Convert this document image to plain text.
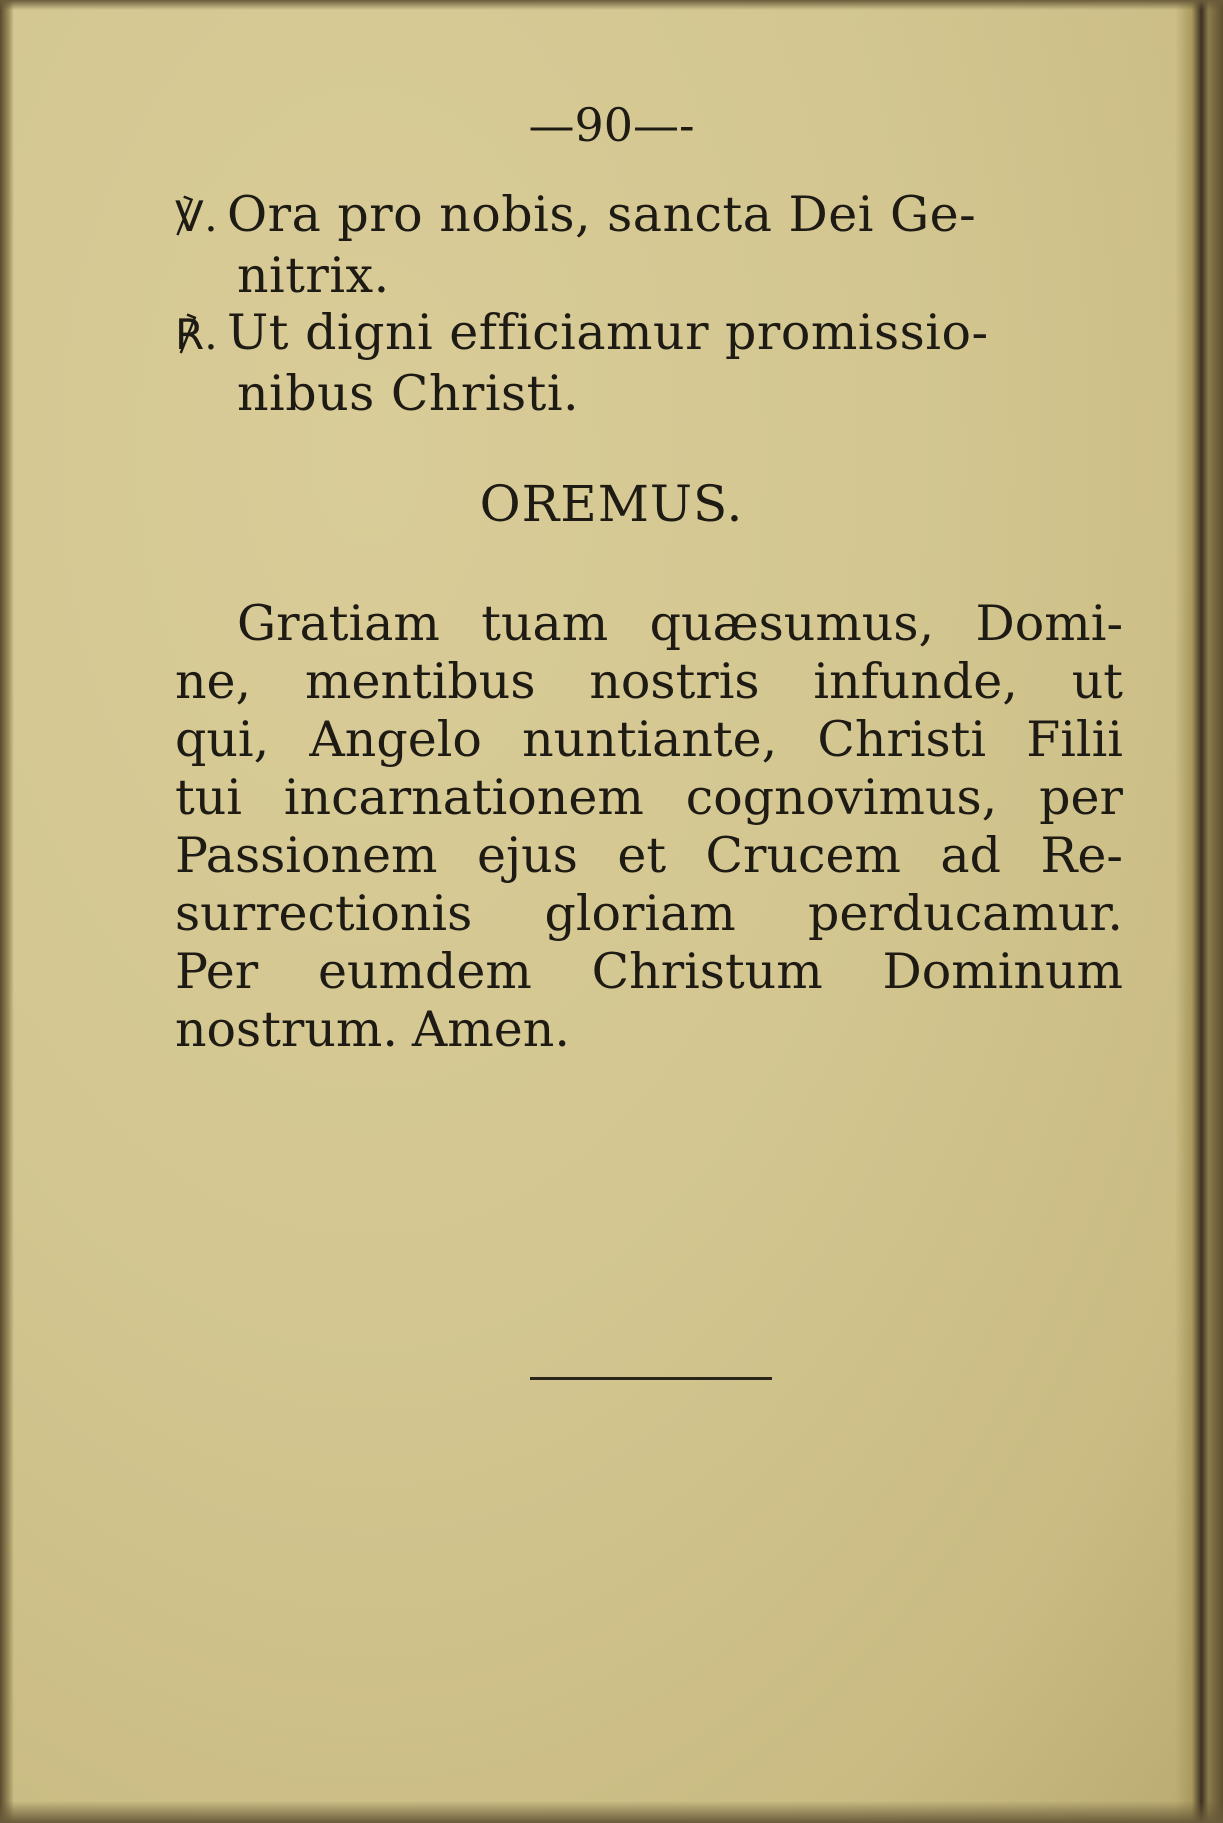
—90—-
℣. Ora pro nobis, sancta Dei Ge-
nitrix.
℟. Ut digni efficiamur promissio-
nibus Christi.
OREMUS.
Gratiam tuam quæsumus, Domi-
ne, mentibus nostris infunde, ut
qui, Angelo nuntiante, Christi Filii
tui incarnationem cognovimus, per
Passionem ejus et Crucem ad Re-
surrectionis gloriam perducamur.
Per eumdem Christum Dominum
nostrum. Amen.
